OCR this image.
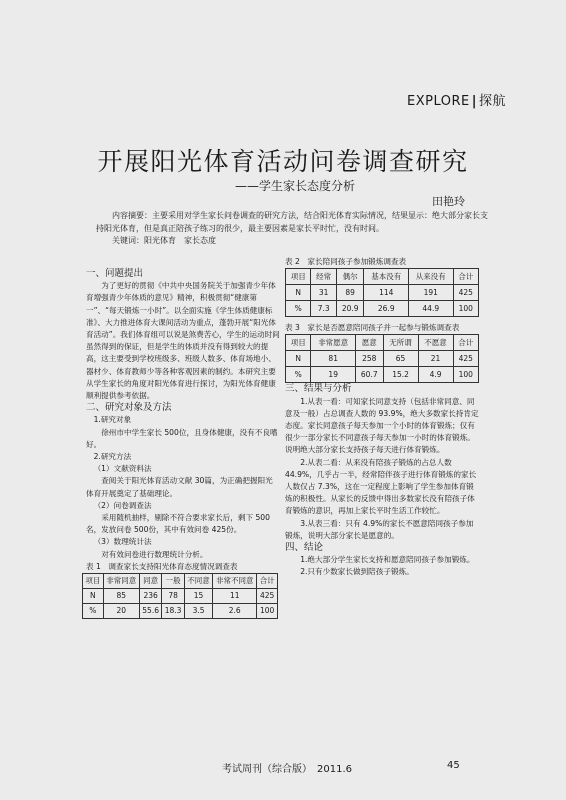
EXPLORE | 探航
开展阳光体育活动问卷调查研究
——学生家长态度分析
田艳玲

内容摘要：主要采用对学生家长问卷调查的研究方法，结合阳光体育实际情况，结果显示：绝大部分家长支持阳光体育，但是真正陪孩子练习的很少，最主要因素是家长平时忙，没有时间。

关键词：阳光体育　家长态度

一、问题提出

为了更好的贯彻《中共中央国务院关于加强青少年体育增强青少年体质的意见》精神，积极贯彻“健康第一”、“每天锻炼一小时”。以全面实施《学生体质健康标准》、大力推进体育大课间活动为重点，蓬勃开展“阳光体育活动”。我们体育组可以说是煞费苦心，学生的运动时间虽然得到的保证，但是学生的体质并没有得到较大的提高，这主要受到学校班级多、班级人数多、体育场地小、器材少、体育教师少等各种客观因素的制约。本研究主要从学生家长的角度对阳光体育进行探讨，为阳光体育健康顺利提供参考依据。

二、研究对象及方法

1.研究对象

徐州市中学生家长 500位，且身体健康，没有不良嗜好。

2.研究方法

（1）文献资料法

查阅关于阳光体育活动文献 30篇，为正确把握阳光体育开展奠定了基础理论。

（2）问卷调查法

采用随机抽样，剔除不符合要求家长后，剩下 500名，发放问卷 500份，其中有效问卷 425份。

（3）数理统计法

对有效问卷进行数理统计分析。

表 1　调查家长支持阳光体育态度情况调查表

项目	非常同意	同意	一般	不同意	非常不同意	合计
N	85	236	78	15	11	425
%	20	55.6	18.3	3.5	2.6	100

表 2　家长陪同孩子参加锻炼调查表

项目	经常	偶尔	基本没有	从来没有	合计
N	31	89	114	191	425
%	7.3	20.9	26.9	44.9	100

表 3　家长是否愿意陪同孩子并一起参与锻炼调查表

项目	非常愿意	愿意	无所谓	不愿意	合计
N	81	258	65	21	425
%	19	60.7	15.2	4.9	100

三、结果与分析

1.从表一看：可知家长同意支持（包括非常同意、同意及一般）占总调查人数的 93.9%，绝大多数家长持肯定态度。家长同意孩子每天参加一个小时的体育锻炼；仅有很少一部分家长不同意孩子每天参加一小时的体育锻炼。说明绝大部分家长支持孩子每天进行体育锻炼。

2.从表二看：从来没有陪孩子锻炼的占总人数 44.9%，几乎占一半，经常陪伴孩子进行体育锻炼的家长人数仅占 7.3%，这在一定程度上影响了学生参加体育锻炼的积极性。从家长的反馈中得出多数家长没有陪孩子体育锻炼的意识，再加上家长平时生活工作较忙。

3.从表三看：只有 4.9%的家长不愿意陪同孩子参加锻炼，说明大部分家长是愿意的。

四、结论

1.绝大部分学生家长支持和愿意陪同孩子参加锻炼。

2.只有少数家长做到陪孩子锻炼。

考试周刊（综合版）　 2011.6	45
